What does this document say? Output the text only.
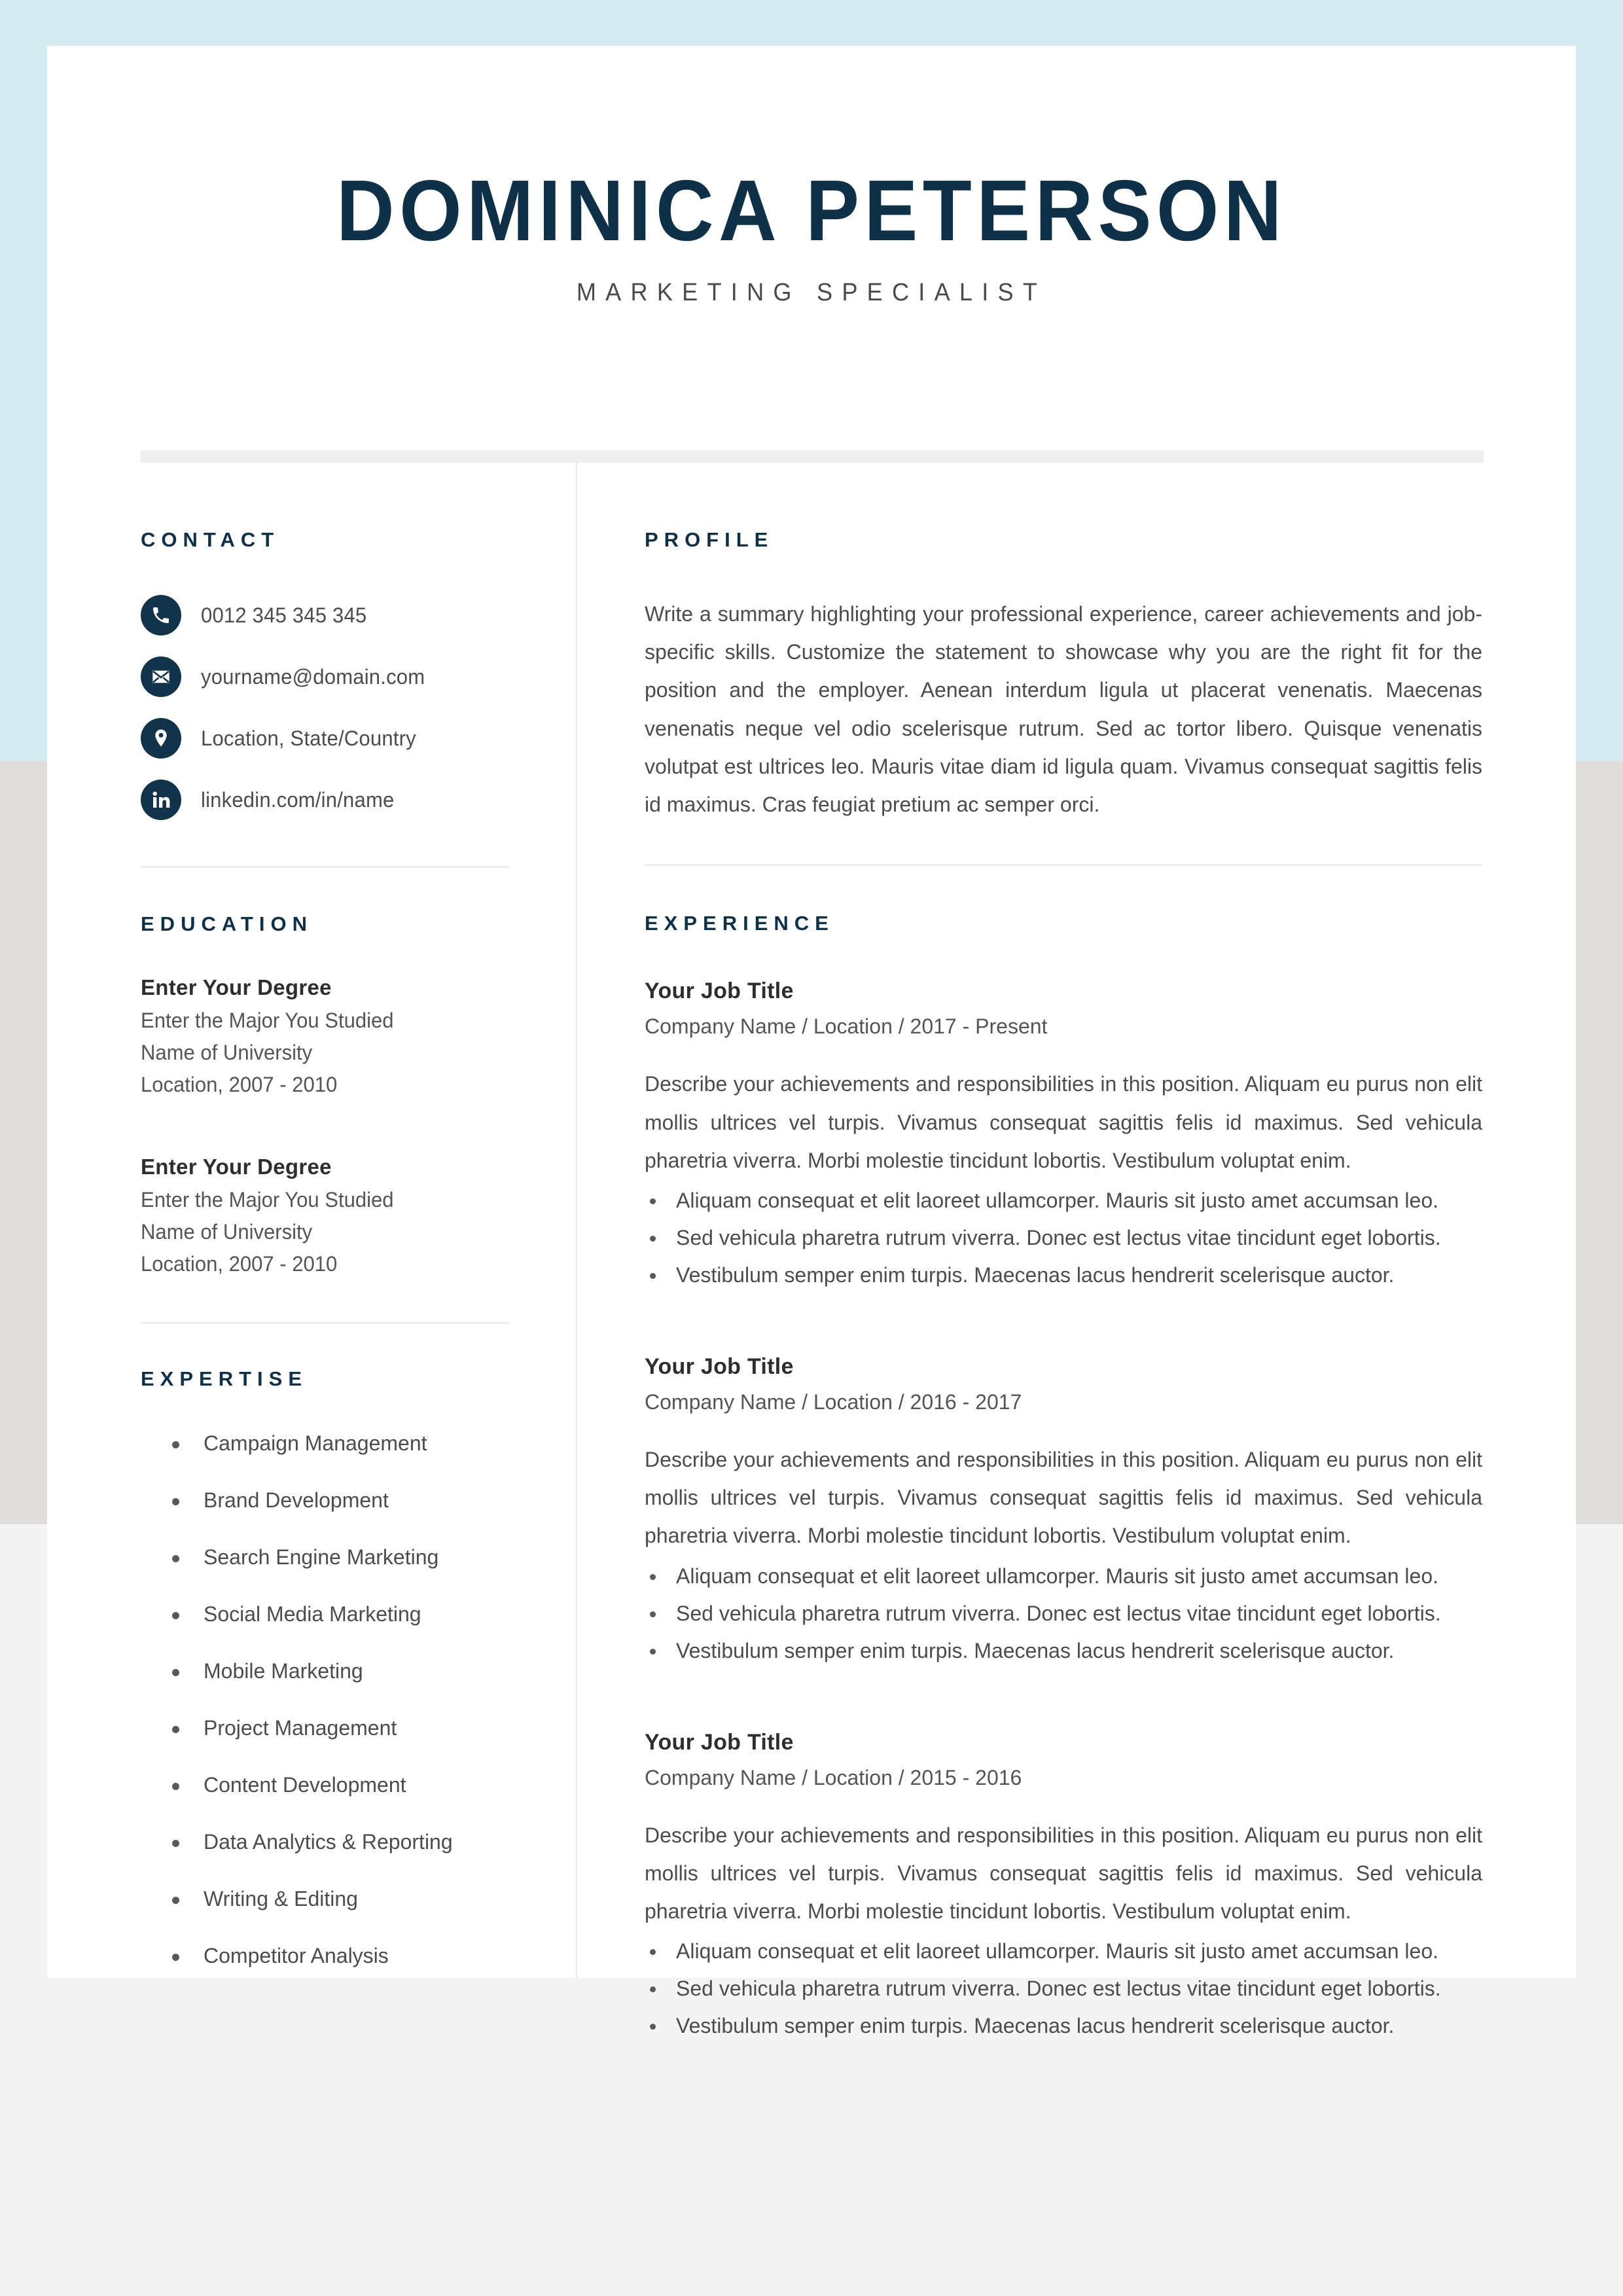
DOMINICA PETERSON
MARKETING SPECIALIST
CONTACT
0012 345 345 345
yourname@domain.com
Location, State/Country
linkedin.com/in/name
EDUCATION
Enter Your Degree
Enter the Major You Studied
Name of University
Location, 2007 - 2010
Enter Your Degree
Enter the Major You Studied
Name of University
Location, 2007 - 2010
EXPERTISE
Campaign Management
Brand Development
Search Engine Marketing
Social Media Marketing
Mobile Marketing
Project Management
Content Development
Data Analytics & Reporting
Writing & Editing
Competitor Analysis
PROFILE

Write a summary highlighting your professional experience, career achievements and job-specific skills. Customize the statement to showcase why you are the right fit for the position and the employer. Aenean interdum ligula ut placerat venenatis. Maecenas venenatis neque vel odio scelerisque rutrum. Sed ac tortor libero. Quisque venenatis volutpat est ultrices leo. Mauris vitae diam id ligula quam. Vivamus consequat sagittis felis id maximus. Cras feugiat pretium ac semper orci.

EXPERIENCE
Your Job Title
Company Name / Location / 2017 - Present

Describe your achievements and responsibilities in this position. Aliquam eu purus non elit mollis ultrices vel turpis. Vivamus consequat sagittis felis id maximus. Sed vehicula pharetria viverra. Morbi molestie tincidunt lobortis. Vestibulum voluptat enim.

Aliquam consequat et elit laoreet ullamcorper. Mauris sit justo amet accumsan leo.
Sed vehicula pharetra rutrum viverra. Donec est lectus vitae tincidunt eget lobortis.
Vestibulum semper enim turpis. Maecenas lacus hendrerit scelerisque auctor.
Your Job Title
Company Name / Location / 2016 - 2017

Describe your achievements and responsibilities in this position. Aliquam eu purus non elit mollis ultrices vel turpis. Vivamus consequat sagittis felis id maximus. Sed vehicula pharetria viverra. Morbi molestie tincidunt lobortis. Vestibulum voluptat enim.

Aliquam consequat et elit laoreet ullamcorper. Mauris sit justo amet accumsan leo.
Sed vehicula pharetra rutrum viverra. Donec est lectus vitae tincidunt eget lobortis.
Vestibulum semper enim turpis. Maecenas lacus hendrerit scelerisque auctor.
Your Job Title
Company Name / Location / 2015 - 2016

Describe your achievements and responsibilities in this position. Aliquam eu purus non elit mollis ultrices vel turpis. Vivamus consequat sagittis felis id maximus. Sed vehicula pharetria viverra. Morbi molestie tincidunt lobortis. Vestibulum voluptat enim.

Aliquam consequat et elit laoreet ullamcorper. Mauris sit justo amet accumsan leo.
Sed vehicula pharetra rutrum viverra. Donec est lectus vitae tincidunt eget lobortis.
Vestibulum semper enim turpis. Maecenas lacus hendrerit scelerisque auctor.
